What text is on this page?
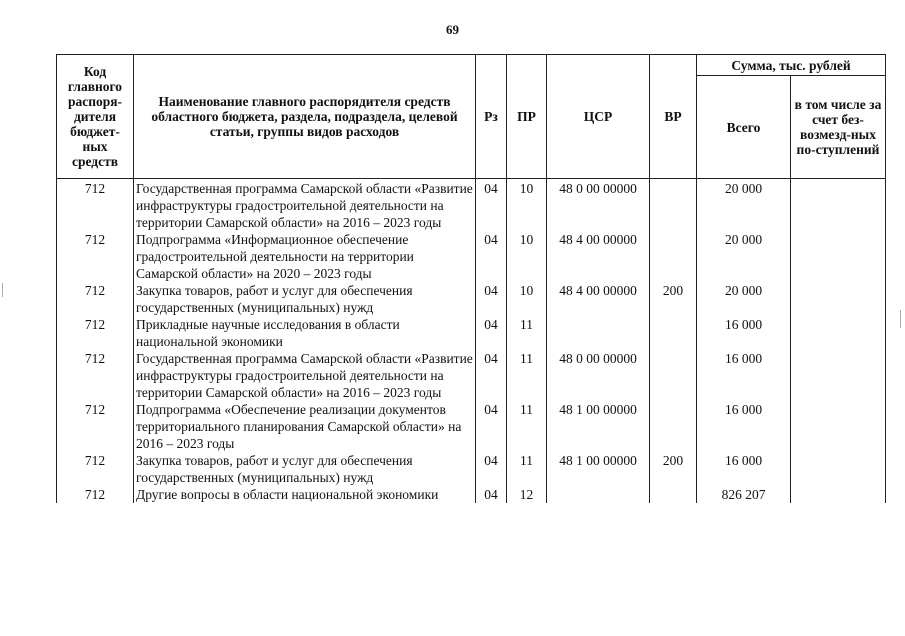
69
Код главного распоря-дителя бюджет-ных средств	Наименование главного распорядителя средств областного бюджета, раздела, подраздела, целевой статьи, группы видов расходов	Рз	ПР	ЦСР	ВР	Сумма, тыс. рублей	
						Всего	в том числе за счет без-возмезд-ных по-ступлений
712	Государственная программа Самарской области «Развитие инфраструктуры градостроительной деятельности на территории Самарской области» на 2016 – 2023 годы	04	10	48 0 00 00000		20 000	
712	Подпрограмма «Информационное обеспечение градостроительной деятельности на территории Самарской области» на 2020 – 2023 годы	04	10	48 4 00 00000		20 000	
712	Закупка товаров, работ и услуг для обеспечения государственных (муниципальных) нужд	04	10	48 4 00 00000	200	20 000	
712	Прикладные научные исследования в области национальной экономики	04	11			16 000	
712	Государственная программа Самарской области «Развитие инфраструктуры градостроительной деятельности на территории Самарской области» на 2016 – 2023 годы	04	11	48 0 00 00000		16 000	
712	Подпрограмма «Обеспечение реализации документов территориального планирования Самарской области» на 2016 – 2023 годы	04	11	48 1 00 00000		16 000	
712	Закупка товаров, работ и услуг для обеспечения государственных (муниципальных) нужд	04	11	48 1 00 00000	200	16 000	
712	Другие вопросы в области национальной экономики	04	12			826 207	
